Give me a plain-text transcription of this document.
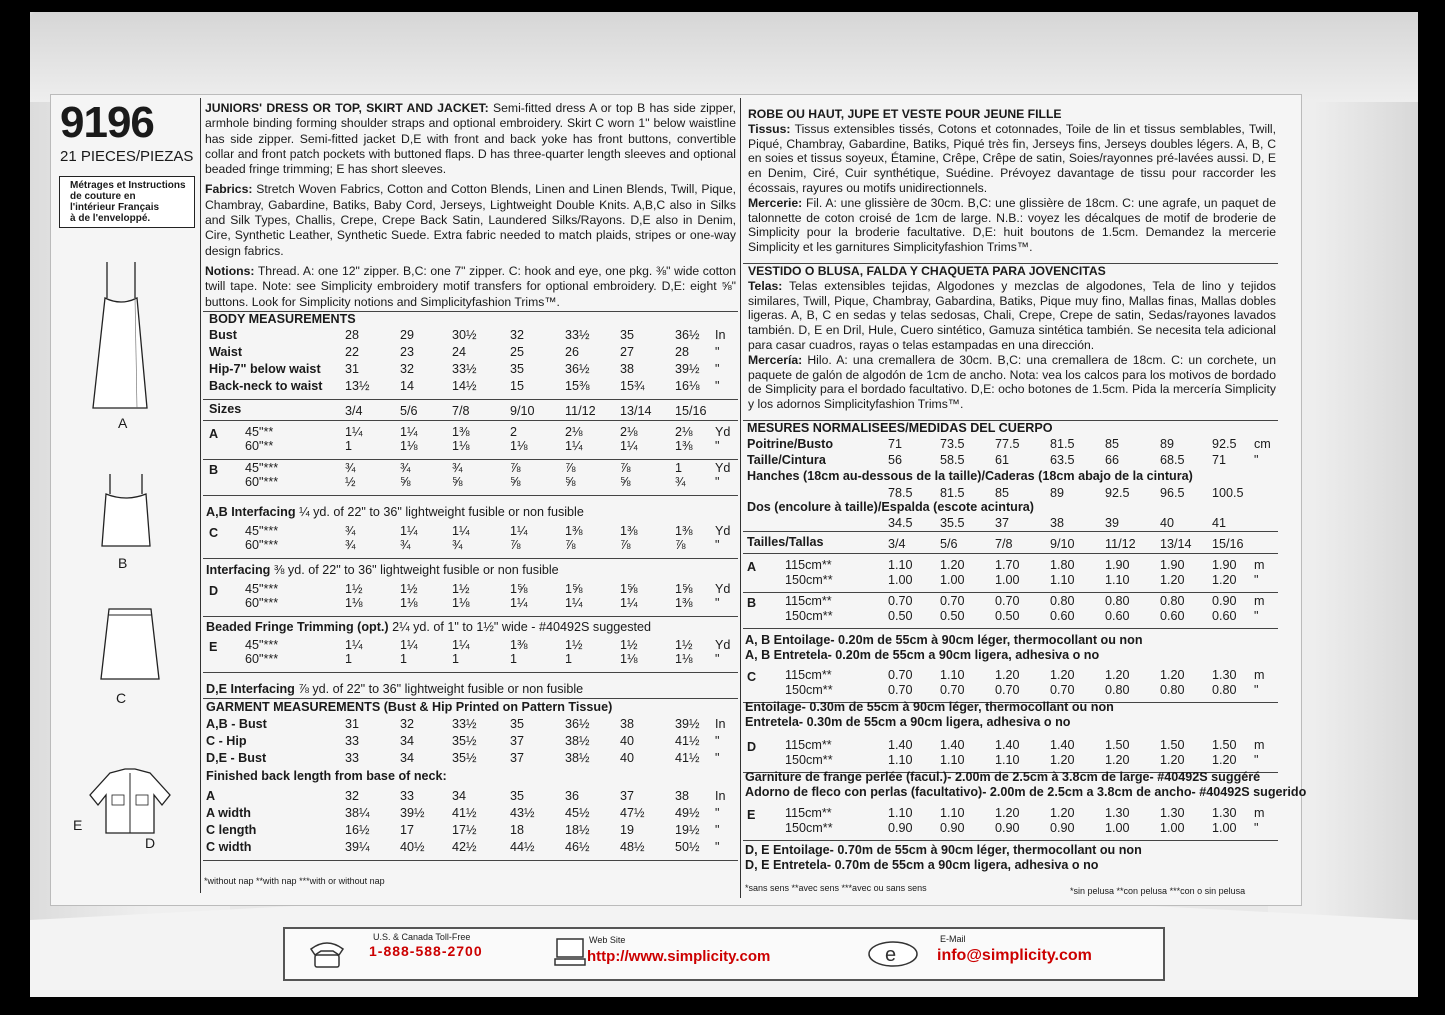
9196
21 PIECES/PIEZAS
Métrages et Instructions
de couture en
l'intérieur Français
à de l'enveloppé.
A
B
C
E
D
JUNIORS' DRESS OR TOP, SKIRT AND JACKET: Semi-fitted dress A or top B has side zipper, armhole binding forming shoulder straps and optional embroidery. Skirt C worn 1" below waistline has side zipper. Semi-fitted jacket D,E with front and back yoke has front buttons, convertible collar and front patch pockets with buttoned flaps. D has three-quarter length sleeves and optional beaded fringe trimming; E has short sleeves.
Fabrics: Stretch Woven Fabrics, Cotton and Cotton Blends, Linen and Linen Blends, Twill, Pique, Chambray, Gabardine, Batiks, Baby Cord, Jerseys, Lightweight Double Knits. A,B,C also in Silks and Silk Types, Challis, Crepe, Crepe Back Satin, Laundered Silks/Rayons. D,E also in Denim, Cire, Synthetic Leather, Synthetic Suede. Extra fabric needed to match plaids, stripes or one-way design fabrics.
Notions: Thread. A: one 12" zipper. B,C: one 7" zipper. C: hook and eye, one pkg. ⅜" wide cotton twill tape. Note: see Simplicity embroidery motif transfers for optional embroidery. D,E: eight ⅝" buttons. Look for Simplicity notions and Simplicityfashion Trims™.
BODY MEASUREMENTS
Bust	28	29	30½	32	33½ 35	36½ In
Waist	22	23	24	25	26	27	28 "
Hip-7" below waist 31	32	33½	35	36½ 38	39½ "
Back-neck to waist 13½ 14	14½	15	15⅜ 15¾ 16⅛ "
Sizes	3/4	5/6	7/8	9/10 11/12 13/14 15/16
A 45"**	1¼	1¼	1⅜	2	2⅛	2⅛	2⅛ Yd
60"**	1	1⅛	1⅛	1⅛	1¼	1¼	1⅜ "
B 45"***	¾	¾	¾	⅞	⅞	⅞	1	Yd
60"***	½	⅝	⅝	⅝	⅝	⅝	¾ "
C 45"***	¾	1¼	1¼	1¼	1⅜	1⅜	1⅜ Yd
60"***	¾	¾	¾	⅞	⅞	⅞	⅞ "
D 45"***	1½	1½	1½	1⅝	1⅝	1⅝	1⅝ Yd
60"***	1⅛	1⅛	1⅛	1¼	1¼	1¼	1⅜ "
E 45"***	1¼	1¼	1¼	1⅜	1½	1½	1½ Yd
60"***	1	1	1	1	1	1⅛	1⅛ "
A,B Interfacing ¼ yd. of 22" to 36" lightweight fusible or non fusible
Interfacing ⅜ yd. of 22" to 36" lightweight fusible or non fusible
Beaded Fringe Trimming (opt.) 2¼ yd. of 1" to 1½" wide - #40492S suggested
D,E Interfacing ⅞ yd. of 22" to 36" lightweight fusible or non fusible
GARMENT MEASUREMENTS (Bust & Hip Printed on Pattern Tissue)
A,B - Bust	31	32	33½	35	36½ 38	39½ In
C - Hip	33	34	35½	37	38½ 40	41½ "
D,E - Bust	33	34	35½	37	38½ 40	41½ "
Finished back length from base of neck:
A	32	33	34	35	36	37	38 In
A width	38¼ 39½ 41½	43½ 45½ 47½ 49½ "
C length	16½ 17	17½	18	18½ 19	19½ "
C width	39¼ 40½ 42½	44½ 46½ 48½ 50½ "
*without nap **with nap ***with or without nap
ROBE OU HAUT, JUPE ET VESTE POUR JEUNE FILLE
Tissus: Tissus extensibles tissés, Cotons et cotonnades, Toile de lin et tissus semblables, Twill, Piqué, Chambray, Gabardine, Batiks, Piqué très fin, Jerseys fins, Jerseys doubles légers. A, B, C en soies et tissus soyeux, Étamine, Crêpe, Crêpe de satin, Soies/rayonnes pré-lavées aussi. D, E en Denim, Ciré, Cuir synthétique, Suédine. Prévoyez davantage de tissu pour raccorder les écossais, rayures ou motifs unidirectionnels.
Mercerie: Fil. A: une glissière de 30cm. B,C: une glissière de 18cm. C: une agrafe, un paquet de talonnette de coton croisé de 1cm de large. N.B.: voyez les décalques de motif de broderie de Simplicity pour la broderie facultative. D,E: huit boutons de 1.5cm. Demandez la mercerie Simplicity et les garnitures Simplicityfashion Trims™.
VESTIDO O BLUSA, FALDA Y CHAQUETA PARA JOVENCITAS
Telas: Telas extensibles tejidas, Algodones y mezclas de algodones, Tela de lino y tejidos similares, Twill, Pique, Chambray, Gabardina, Batiks, Pique muy fino, Mallas finas, Mallas dobles ligeras. A, B, C en sedas y telas sedosas, Chali, Crepe, Crepe de satin, Sedas/rayones lavados también. D, E en Dril, Hule, Cuero sintético, Gamuza sintética también. Se necesita tela adicional para casar cuadros, rayas o telas estampadas en una dirección.
Mercería: Hilo. A: una cremallera de 30cm. B,C: una cremallera de 18cm. C: un corchete, un paquete de galón de algodón de 1cm de ancho. Nota: vea los calcos para los motivos de bordado de Simplicity para el bordado facultativo. D,E: ocho botones de 1.5cm. Pida la mercería Simplicity y los adornos Simplicityfashion Trims™.
MESURES NORMALISEES/MEDIDAS DEL CUERPO
Poitrine/Busto	71	73.5 77.5 81.5 85	89	92.5 cm
Taille/Cintura	56	58.5 61	63.5 66	68.5 71 "
Hanches (18cm au-dessous de la taille)/Caderas (18cm abajo de la cintura)
78.5 81.5 85	89	92.5 96.5 100.5
Dos (encolure à taille)/Espalda (escote acintura)
34.5 35.5 37	38	39	40	41
Tailles/Tallas	3/4	5/6	7/8	9/10 11/12 13/14 15/16
A 115cm**	1.10 1.20 1.70 1.80 1.90 1.90 1.90 m
150cm**	1.00 1.00 1.00 1.10 1.10 1.20 1.20 "
B 115cm**	0.70 0.70 0.70 0.80 0.80 0.80 0.90 m
150cm**	0.50 0.50 0.50 0.60 0.60 0.60 0.60 "
C 115cm**	0.70 1.10 1.20 1.20 1.20 1.20 1.30 m
150cm**	0.70 0.70 0.70 0.70 0.80 0.80 0.80 "
D 115cm**	1.40 1.40 1.40 1.40 1.50 1.50 1.50 m
150cm**	1.10 1.10 1.10 1.20 1.20 1.20 1.20 "
E 115cm**	1.10 1.10 1.20 1.20 1.30 1.30 1.30 m
150cm**	0.90 0.90 0.90 0.90 1.00 1.00 1.00 "
A, B Entoilage- 0.20m de 55cm à 90cm léger, thermocollant ou non
A, B Entretela- 0.20m de 55cm a 90cm ligera, adhesiva o no
Entoilage- 0.30m de 55cm à 90cm léger, thermocollant ou non
Entretela- 0.30m de 55cm a 90cm ligera, adhesiva o no
Garniture de frange perlée (facul.)- 2.00m de 2.5cm à 3.8cm de large- #40492S suggéré
Adorno de fleco con perlas (facultativo)- 2.00m de 2.5cm a 3.8cm de ancho- #40492S sugerido
D, E Entoilage- 0.70m de 55cm à 90cm léger, thermocollant ou non
D, E Entretela- 0.70m de 55cm a 90cm ligera, adhesiva o no
*sans sens **avec sens ***avec ou sans sens	*sin pelusa **con pelusa ***con o sin pelusa
U.S. & Canada Toll-Free
1-888-588-2700
Web Site
http://www.simplicity.com	e
E-Mail
info@simplicity.com
